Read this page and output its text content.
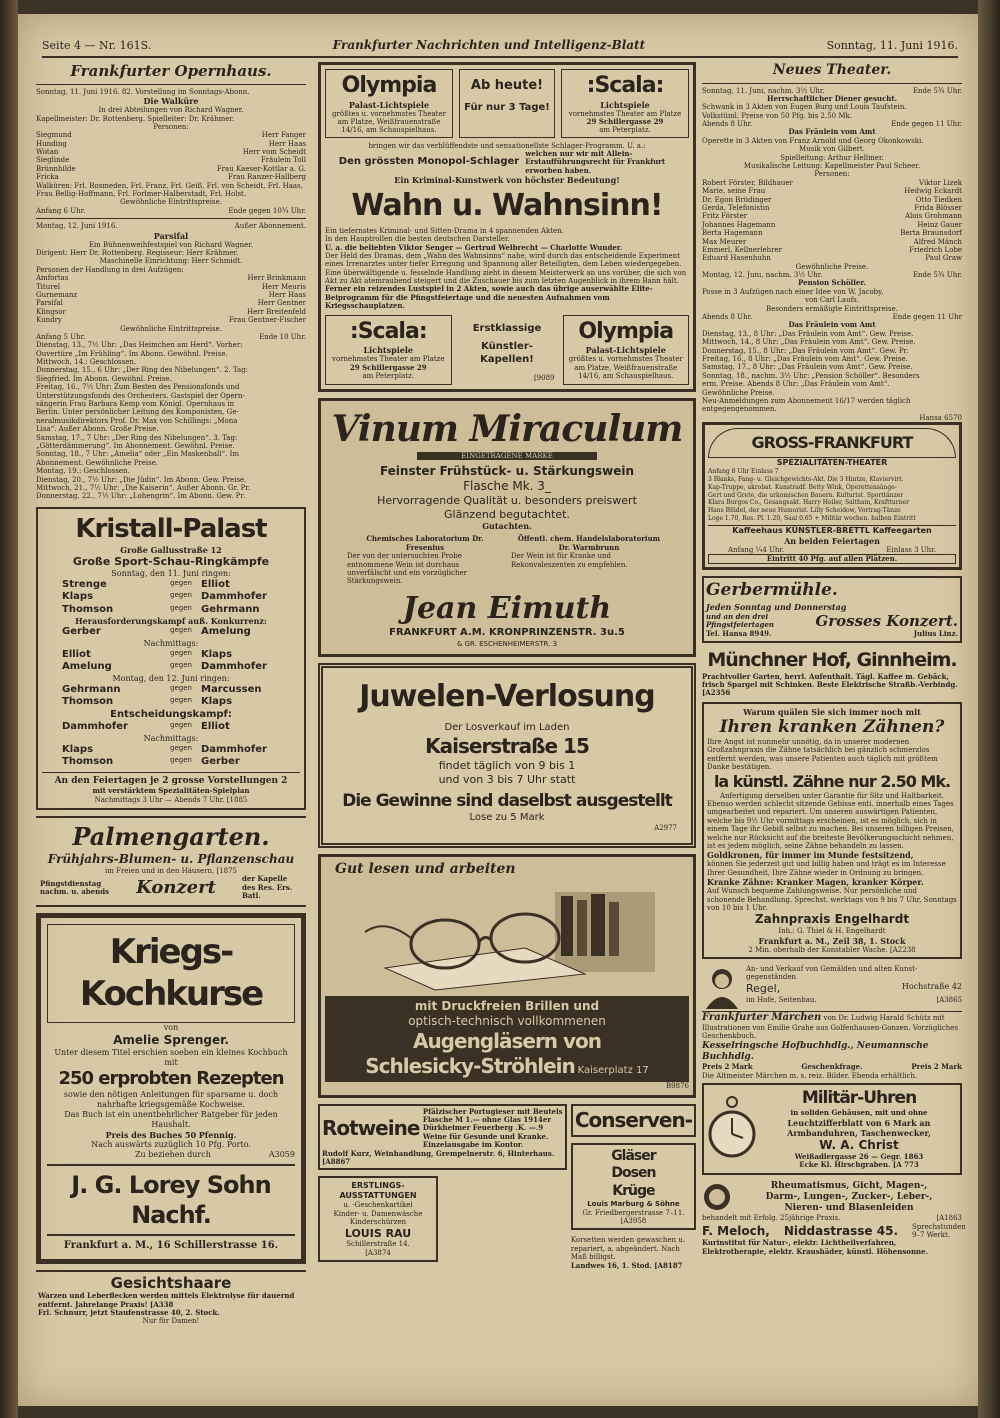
Seite 4 — Nr. 161S.	Frankfurter Nachrichten und Intelligenz-Blatt	Sonntag, 11. Juni 1916.
Frankfurter Opernhaus.
Sonntag, 11. Juni 1916. 82. Vorstellung im Sonntags-Abonn.
Die Walküre
In drei Abteilungen von Richard Wagner.
Kapellmeister: Dr. Rottenberg. Spielleiter: Dr. Krähmer.
Personen:
Siegmund	Herr Fanger
Hunding	Herr Haas
Wotan	Herr vom Scheidt
Sieglinde	Fräulein Toll
Brünnhilde	Frau Kaeser-Kottlar a. G.
Fricka	Frau Ranzer-Hallberg
Walküren: Frl. Rosmeden, Frl. Franz, Frl. Geiß, Frl. von Scheidt, Frl. Haas, Frau Bellig-Hoffmann, Frl. Forlmer-Halberstadt, Frl. Holst.
Gewöhnliche Eintrittspreise.
Anfang 6 Uhr.	Ende gegen 10¾ Uhr.
Montag, 12. Juni 1916.	Außer Abonnement.
Parsifal
Ein Bühnenweihfestspiel von Richard Wagner.
Dirigent: Herr Dr. Rottenberg. Regisseur: Herr Krähmer.
Maschinelle Einrichtung: Herr Schmidt.
Personen der Handlung in drei Aufzügen:
Amfortas	Herr Brinkmann
Titurel	Herr Meuris
Gurnemanz	Herr Haas
Parsifal	Herr Gentner
Klingsor	Herr Breitenfeld
Kundry	Frau Gentner-Fischer
Gewöhnliche Eintrittspreise.
Anfang 5 Uhr.	Ende 10 Uhr.
Dienstag, 13., 7½ Uhr: „Das Heimchen am Herd“. Vorher:
Ouvertüre „Im Frühling“. Im Abonn. Gewöhnl. Preise.
Mittwoch, 14.: Geschlossen.
Donnerstag, 15., 6 Uhr: „Der Ring des Nibelungen“. 2. Tag:
Siegfried. Im Abonn. Gewöhnl. Preise.
Freitag, 16., 7½ Uhr: Zum Besten des Pensionsfonds und
Unterstützungsfonds des Orchesters. Gastspiel der Opern-
sängerin Frau Barbara Kemp vom Königl. Opernhaus in
Berlin. Unter persönlicher Leitung des Komponisten, Ge-
neralmusikdirektors Prof. Dr. Max von Schillings: „Mona
Lisa“. Außer Abonn. Große Preise.
Samstag, 17., 7 Uhr: „Der Ring des Nibelungen“. 3. Tag:
„Götterdämmerung“. Im Abonnement. Gewöhnl. Preise.
Sonntag, 18., 7 Uhr: „Amelia“ oder „Ein Maskenball“. Im
Abonnement. Gewöhnliche Preise.
Montag, 19.: Geschlossen.
Dienstag, 20., 7½ Uhr: „Die Jüdin“. Im Abonn. Gew. Preise.
Mittwoch, 21., 7½ Uhr: „Die Kaiserin“. Außer Abonn. Gr. Pr.
Donnerstag, 22., 7½ Uhr: „Lohengrin“. Im Abonn. Gew. Pr.
Kristall-Palast
Große Gallusstraße 12
Große Sport-Schau-Ringkämpfe
Sonntag, den 11. Juni ringen:
Strenge	gegen Elliot
Klaps	gegen Dammhofer
Thomson	gegen Gehrmann
Herausforderungskampf auß. Konkurrenz:
Gerber	gegen Amelung
Nachmittags:
Elliot	gegen Klaps
Amelung	gegen Dammhofer
Montag, den 12. Juni ringen:
Gehrmann	gegen Marcussen
Thomson	gegen Klaps
Entscheidungskampf:
Dammhofer	gegen Elliot
Nachmittags:
Klaps	gegen Dammhofer
Thomson	gegen Gerber
An den Feiertagen je 2 grosse Vorstellungen 2
mit verstärktem Spezialitäten-Spielplan
Nachmittags 3 Uhr — Abends 7 Uhr. [1885
Palmengarten.
Frühjahrs-Blumen- u. Pflanzenschau
im Freien und in den Häusern. [1875
Pfingstdienstag nachm. u. abends Konzert	der Kapelle des Res. Ers. Batl.
Kriegs-Kochkurse
von
Amelie Sprenger.
Unter diesem Titel erschien soeben ein kleines Kochbuch mit
250 erprobten Rezepten
sowie den nötigen Anleitungen für sparsame u. doch nahrhafte kriegsgemäße Kochweise.
Das Buch ist ein unentbehrlicher Ratgeber für jeden Haushalt.
Preis des Buches 50 Pfennig.
Nach auswärts zuzüglich 10 Pfg. Porto.
Zu beziehen durch	A3059
J. G. Lorey Sohn Nachf.
Frankfurt a. M., 16 Schillerstrasse 16.
Gesichtshaare
Warzen und Leberflecken werden mittels Elektrolyse für dauernd entfernt. Jahrelange Praxis! [A338
Frl. Schnurr, jetzt Staufenstrasse 40, 2. Stock.
Nur für Damen!
Olympia
Palast-Lichtspiele
größtes u. vornehmstes Theater am Platze, Weißfrauenstraße 14/16, am Schauspielhaus.
Ab heute!
Für nur 3 Tage!
:Scala:
Lichtspiele
vornehmstes Theater am Platze
29 Schillergasse 29
am Peterplatz.
bringen wir das verblüffendste und sensationellste Schlager-Programm. U. a.:
Den grössten Monopol-Schlager
welchen nur wir mit Allein-Erstaufführungsrecht für Frankfurt erworben haben.
Ein Kriminal-Kunstwerk von höchster Bedeutung!
Wahn u. Wahnsinn!
Ein tiefernstes Kriminal- und Sitten-Drama in 4 spannenden Akten.
In den Hauptrollen die besten deutschen Darsteller.
U. a. die beliebten Viktor Senger — Gertrud Welbrecht — Charlotte Wunder.
Der Held des Dramas, dem „Wahn des Wahnsinns“ nahe, wird durch das entscheidende Experiment eines Irrenarztes unter tiefer Erregung und Spannung aller Beteiligten, dem Leben wiedergegeben. Eine überwältigende u. fesselnde Handlung zieht in diesem Meisterwerk an uns vorüber, die sich von Akt zu Akt atemraubend steigert und die Zuschauer bis zum letzten Augenblick in ihrem Bann hält.
Ferner ein reizendes Lustspiel in 2 Akten, sowie auch das übrige auserwählte Elite-Beiprogramm für die Pfingstfeiertage und die neuesten Aufnahmen vom Kriegsschauplatzen.
:Scala:
Lichtspiele
vornehmstes Theater am Platze
29 Schillergasse 29
am Peterplatz.
Erstklassige
Künstler-Kapellen!
[9089
Olympia
Palast-Lichtspiele
größtes u. vornehmstes Theater am Platze, Weißfrauenstraße 14/16, am Schauspielhaus.
Vinum Miraculum
EINGETRAGENE MARKE
Feinster Frühstück- u. Stärkungswein
Flasche Mk. 3_
Hervorragende Qualität u. besonders preiswert
Glänzend begutachtet.
Gutachten.
Chemisches Laboratorium Dr. Fresenius
Der von der untersuchten Probe entnommene Wein ist durchaus unverfälscht und ein vorzüglicher Stärkungswein.
Öffentl. chem. Handelslaboratorium Dr. Warmbrunn
Der Wein ist für Kranke und Rekonvaleszenten zu empfehlen.
Jean Eimuth
FRANKFURT A.M. KRONPRINZENSTR. 3u.5
& GR. ESCHENHEIMERSTR. 3
Juwelen-Verlosung
Der Losverkauf im Laden
Kaiserstraße 15
findet täglich von 9 bis 1
und von 3 bis 7 Uhr statt
Die Gewinne sind daselbst ausgestellt
Lose zu 5 Mark
A2977
Gut lesen und arbeiten
mit Druckfreien Brillen und
optisch-technisch vollkommenen
Augengläsern von
Schlesicky-Ströhlein Kaiserplatz 17
B9876
Rotweine
Pfälzischer Portugieser mit Beutels Flasche M 1.— ohne Glas 1914er Dürkheimer Feuerberg .K. —.9 Weine für Gesunde und Kranke. Einzelausgabe im Kontor.
Rudolf Kurz, Weinhandlung, Grempelnerstr. 6, Hinterhaus. [A8867
ERSTLINGS-
AUSSTATTUNGEN
u. -Geschenkartikel
Kinder- u. Damenwäsche
Kinderschürzen
LOUIS RAU
Schillerstraße 14.
[A3874
Conserven-
Gläser
Dosen
Krüge
Louis Marburg & Söhne
Gr. Friedbergerstrasse 7–11.
[A3958
Korsetten werden gewaschen u. repariert, a. abgeändert. Nach Maß billigst.
Landwes 16, 1. Stod. [A8187
Neues Theater.
Sonntag, 11. Juni, nachm. 3½ Uhr.	Ende 5¾ Uhr.
Herrschaftlicher Diener gesucht.
Schwank in 3 Akten von Eugen Burg und Louis Taufstein.
Volkstüml. Preise von 50 Pfg. bis 2.50 Mk.
Abends 8 Uhr.	Ende gegen 11 Uhr.
Das Fräulein vom Amt
Operette in 3 Akten von Franz Arnold und Georg Okonkowski.
Musik von Gilbert.
Spielleitung: Arthur Hellmer.
Musikalische Leitung: Kapellmeister Paul Scheer.
Personen:
Robert Förster, Bildhauer	Viktor Lizek
Marie, seine Frau	Hedwig Eckardt
Dr. Egon Brüdinger	Otto Tiedken
Gerda, Telefonistin	Frida Blösser
Fritz Förster	Alois Grohmann
Johannes Hagemann	Heinz Gauer
Berta Hagemann	Berta Braunsdorf
Max Meurer	Alfred Mänch
Emmerl, Kellnerlehrer	Friedrich Lobe
Eduard Hasenhuhn	Paul Graw
Gewöhnliche Preise.
Montag, 12. Juni, nachm. 3½ Uhr.	Ende 5¾ Uhr.
Pension Schöller.
Posse in 3 Aufzügen nach einer Idee von W. Jacoby,
von Carl Laufs.
Besonders ermäßigte Eintrittspreise.
Abends 8 Uhr.	Ende gegen 11 Uhr
Das Fräulein vom Amt
Dienstag, 13., 8 Uhr: „Das Fräulein vom Amt“. Gew. Preise.
Mittwoch, 14., 8 Uhr: „Das Fräulein vom Amt“. Gew. Preise.
Donnerstag, 15., 8 Uhr: „Das Fräulein vom Amt“. Gew. Pr.
Freitag, 16., 8 Uhr: „Das Fräulein vom Amt“. Gew. Preise.
Samstag, 17., 8 Uhr: „Das Fräulein vom Amt“. Gew. Preise.
Sonntag, 18., nachm. 3½ Uhr: „Pension Schöller“. Besonders
erm. Preise. Abends 8 Uhr: „Das Fräulein vom Amt“.
Gewöhnliche Preise.
Neu-Anmeldungen zum Abonnement 16/17 werden täglich
entgegengenommen.
Hansa 6570
GROSS-FRANKFURT
SPEZIALITÄTEN-THEATER
Anfang 8 Uhr Einlass 7
3 Blanks, Fang- u. Gleichgewichts-Akt. Die 3 Hintze, Klaviervirt.
Kap-Truppe, akrobat. Kunstradf. Betty Wink, Operettensänge-
Gert und Grete, die urkomischen Bauern. Kulturist. Sporttänzer
Klara Burgos Co., Gesangsakt. Harry Heiler, Saltham, Kraftturner
Hans Blüdel, der neue Humorist. Lilly Scheidow, Vortrag-Tänze
Loge 1.70, Res. Pl. 1.20, Saal 0.65 + Militär wochen. halben Eintritt
Kaffeehaus KÜNSTLER-BRETTL Kaffeegarten
An beiden Feiertagen
Anfang ¼4 Uhr.	Einlass 3 Uhr.
Eintritt 40 Pfg. auf allen Plätzen.
Gerbermühle.
Jeden Sonntag und Donnerstag
und an den drei Pfingstfeiertagen	Grosses Konzert.
Tel. Hansa 8949.	Julius Linz.
Münchner Hof, Ginnheim.
Prachtvoller Garten, herrl. Aufenthalt. Tägl. Kaffee m. Gebäck, frisch Spargel mit Schinken. Beste Elektrische Straßb.-Verbindg. [A2356
Warum quälen Sie sich immer noch mit
Ihren kranken Zähnen?
Ihre Angst ist nunmehr unnötig, da in unserer modernen Großzahnpraxis die Zähne tatsächlich bei gänzlich schmerzlos entfernt werden, was unsere Patienten auch täglich mit größtem Danke bestätigen.
la künstl. Zähne nur 2.50 Mk.
Anfertigung derselben unter Garantie für Sitz und Haltbarkeit.
Ebenso werden schlecht sitzende Gebisse enti. innerhalb eines Tages umgearbeitet und repariert. Um unseren auswärtigen Patienten, welche bis 9½ Uhr vormittags erscheinen, ist es möglich, sich in einem Tage ihr Gebiß selbst zu machen. Bei unseren billigen Preisen, welche nur Rücksicht auf die breiteste Bevölkerungsschicht nehmen, ist es jedem möglich, seine Zähne behandeln zu lassen.
Goldkronen, für immer im Munde festsitzend,
können Sie jederzeit gut und billig haben und trägt es im Interesse Ihrer Gesundheit, Ihre Zähne wieder in Ordnung zu bringen.
Kranke Zähne: Kranker Magen, kranker Körper.
Auf Wunsch bequeme Zahlungsweise. Nur persönliche und schonende Behandlung. Sprechst. werktags von 9 bis 7 Uhr, Sonntags von 10 bis 1 Uhr.
Zahnpraxis Engelhardt
Inh.: G. Thiel & H. Engelhardt
Frankfurt a. M., Zeil 38, 1. Stock
2 Min. oberhalb der Konstabler Wache. [A2238
An- und Verkauf von Gemälden und alten Kunst-
gegenständen
Regel,	Hochstraße 42
im Hofe, Seitenbau.	[A3865
Frankfurter Märchen von Dr. Ludwig Harald Schütz mit Illustrationen von Emilie Grahe aus Golfenhausen-Gonzen. Vorzügliches Geschenkbuch.
Kesselringsche Hofbuchhdlg., Neumannsche Buchhdlg.
Preis 2 Mark	Geschenkfrage.	Preis 2 Mark
Die Altmeister Märchen m. s. reiz. Bilder. Ebenda erhältlich.
Militär-Uhren
in soliden Gehäusen, mit und ohne
Leuchtzifferblatt von 6 Mark an
Armbanduhren, Taschenwecker,
W. A. Christ
Weißadlergasse 26 — Gegr. 1863
Ecke Kl. Hirschgraben. [A 773
Rheumatismus, Gicht, Magen-,
Darm-, Lungen-, Zucker-, Leber-,
Nieren- und Blasenleiden
behandelt mit Erfolg. 25jährige Praxis.	[A1863
F. Meloch, Niddastrasse 45. Sprechstunden 9–7 Werkt.
Kurinstitut für Natur-, elektr. Lichtheilverfahren, Elektrotherapie, elektr. Kraushäder, künstl. Höhensonne.
